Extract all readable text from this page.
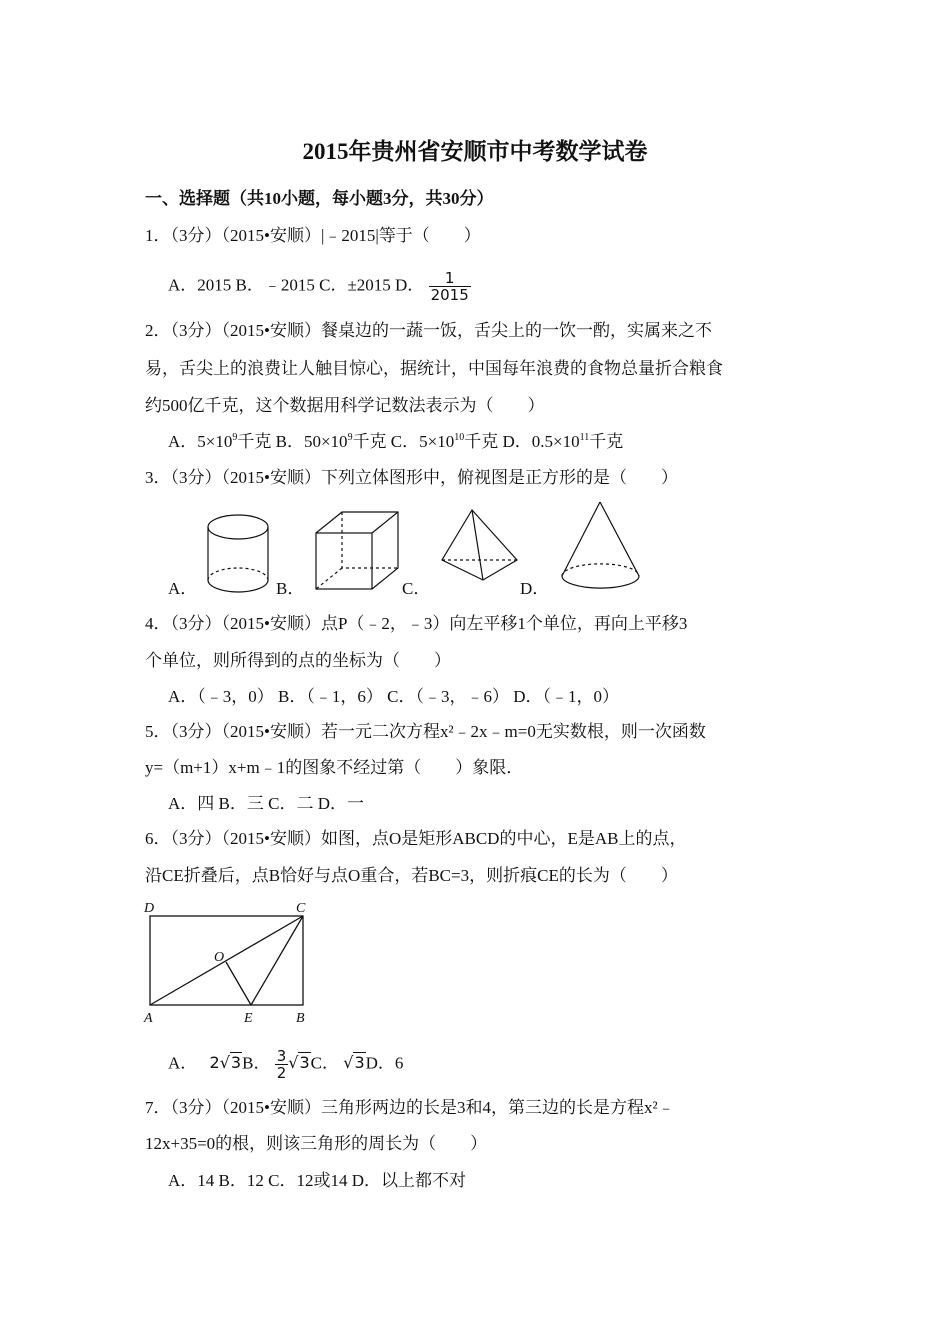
2015年贵州省安顺市中考数学试卷
一、选择题（共10小题，每小题3分，共30分）
1．（3分）（2015•安顺）|﹣2015|等于（　　）
A．2015 B．﹣2015 C．±2015 D． $\frac{1}{2015}$
2．（3分）（2015•安顺）餐桌边的一蔬一饭，舌尖上的一饮一酌，实属来之不
易，舌尖上的浪费让人触目惊心，据统计，中国每年浪费的食物总量折合粮食
约500亿千克，这个数据用科学记数法表示为（　　）
A．$5\times 10^9$千克 B．$50\times 10^9$千克 C．$5\times 10^{10}$千克 D．$0.5\times 10^{11}$千克
3．（3分）（2015•安顺）下列立体图形中，俯视图是正方形的是（　　）
A．	B．	C．	D．
4．（3分）（2015•安顺）点P（﹣2，﹣3）向左平移1个单位，再向上平移3
个单位，则所得到的点的坐标为（　　）
A．（﹣3，0） B．（﹣1，6） C．（﹣3，﹣6） D．（﹣1，0）
5．（3分）（2015•安顺）若一元二次方程x²﹣2x﹣m=0无实数根，则一次函数
y=（m+1）x+m﹣1的图象不经过第（　　）象限．
A．四 B．三 C．二 D．一
6．（3分）（2015•安顺）如图，点O是矩形ABCD的中心，E是AB上的点，
沿CE折叠后，点B恰好与点O重合，若BC=3，则折痕CE的长为（　　）
D	C
O
A	E	B
A． 2√3B． $\frac{3}{2} √3C$． √3D．6
7．（3分）（2015•安顺）三角形两边的长是3和4，第三边的长是方程x²﹣
12x+35=0的根，则该三角形的周长为（　　）
A．14 B．12 C．12或14 D．以上都不对
